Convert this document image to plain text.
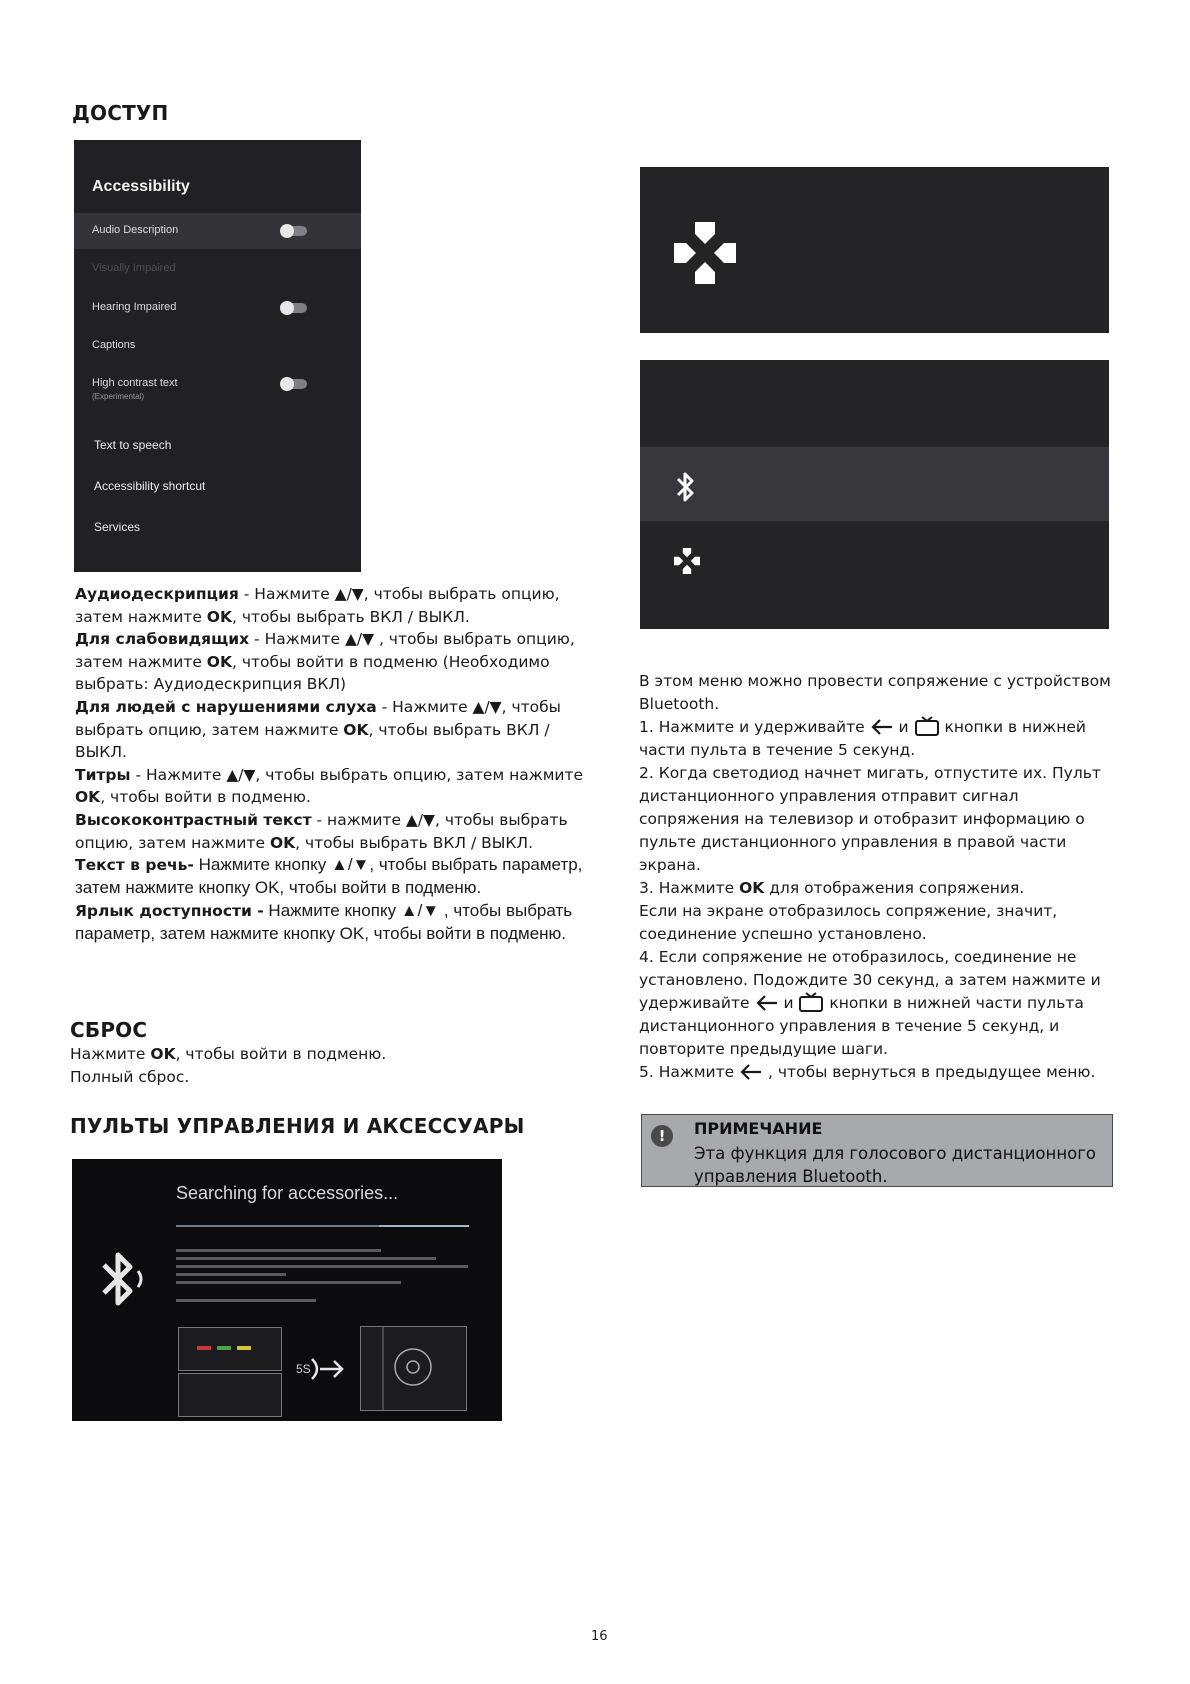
ДОСТУП
Accessibility
Audio Description
Visually Impaired
Hearing Impaired
Captions
High contrast text
(Experimental)
Text to speech
Accessibility shortcut
Services

Аудиодескрипция - Нажмите ▲/▼, чтобы выбрать опцию, затем нажмите OK, чтобы выбрать ВКЛ / ВЫКЛ.

Для слабовидящих - Нажмите ▲/▼ , чтобы выбрать опцию, затем нажмите OK, чтобы войти в подменю (Необходимо выбрать: Аудиодескрипция ВКЛ)

Для людей с нарушениями слуха - Нажмите ▲/▼, чтобы выбрать опцию, затем нажмите OK, чтобы выбрать ВКЛ / ВЫКЛ.

Титры - Нажмите ▲/▼, чтобы выбрать опцию, затем нажмите OK, чтобы войти в подменю.

Высококонтрастный текст - нажмите ▲/▼, чтобы выбрать опцию, затем нажмите OK, чтобы выбрать ВКЛ / ВЫКЛ.

Текст в речь- Нажмите кнопку ▲/▼, чтобы выбрать параметр, затем нажмите кнопку OK, чтобы войти в подменю.

Ярлык доступности - Нажмите кнопку ▲/▼ , чтобы выбрать параметр, затем нажмите кнопку OK, чтобы войти в подменю.

СБРОС

Нажмите OK, чтобы войти в подменю.

Полный сброс.

ПУЛЬТЫ УПРАВЛЕНИЯ И АКСЕССУАРЫ
Searching for accessories...
5S

В этом меню можно провести сопряжение с устройством Bluetooth.

1. Нажмите и удерживайте и кнопки в нижней части пульта в течение 5 секунд.

2. Когда светодиод начнет мигать, отпустите их. Пульт дистанционного управления отправит сигнал сопряжения на телевизор и отобразит информацию о пульте дистанционного управления в правой части экрана.

3. Нажмите OK для отображения сопряжения.

Если на экране отобразилось сопряжение, значит, соединение успешно установлено.

4. Если сопряжение не отобразилось, соединение не установлено. Подождите 30 секунд, а затем нажмите и удерживайте и кнопки в нижней части пульта дистанционного управления в течение 5 секунд, и повторите предыдущие шаги.

5. Нажмите , чтобы вернуться в предыдущее меню.

!	ПРИМЕЧАНИЕ
Эта функция для голосового дистанционного управления Bluetooth.
16
